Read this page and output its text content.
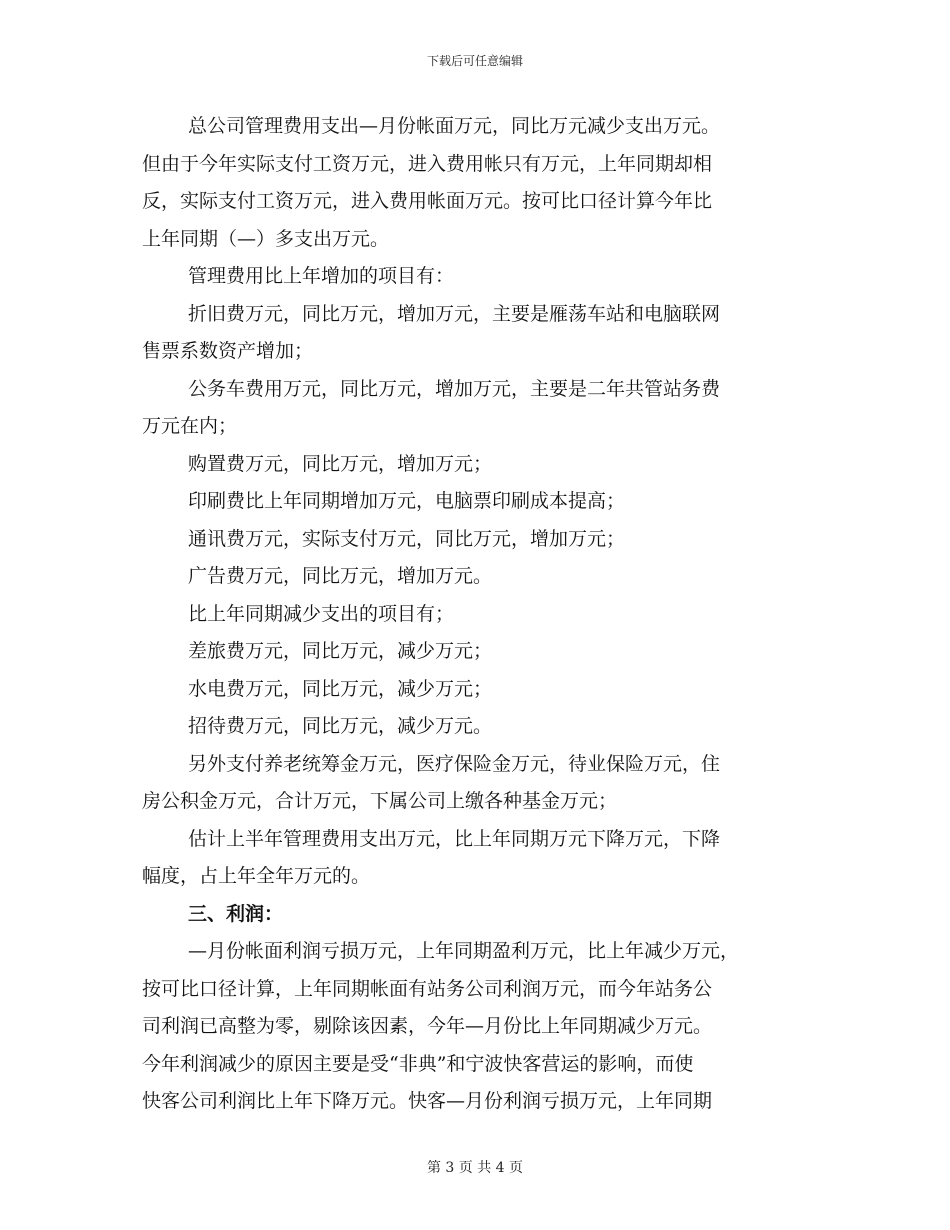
下载后可任意编辑
总公司管理费用支出—月份帐面万元，同比万元减少支出万元。
但由于今年实际支付工资万元，进入费用帐只有万元，上年同期却相
反，实际支付工资万元，进入费用帐面万元。按可比口径计算今年比
上年同期（—）多支出万元。
管理费用比上年增加的项目有：
折旧费万元，同比万元，增加万元，主要是雁荡车站和电脑联网
售票系数资产增加；
公务车费用万元，同比万元，增加万元，主要是二年共管站务费
万元在内；
购置费万元，同比万元，增加万元；
印刷费比上年同期增加万元，电脑票印刷成本提高；
通讯费万元，实际支付万元，同比万元，增加万元；
广告费万元，同比万元，增加万元。
比上年同期减少支出的项目有；
差旅费万元，同比万元，减少万元；
水电费万元，同比万元，减少万元；
招待费万元，同比万元，减少万元。
另外支付养老统筹金万元，医疗保险金万元，待业保险万元，住
房公积金万元，合计万元，下属公司上缴各种基金万元；
估计上半年管理费用支出万元，比上年同期万元下降万元，下降
幅度，占上年全年万元的。
三、利润：
—月份帐面利润亏损万元，上年同期盈利万元，比上年减少万元，
按可比口径计算，上年同期帐面有站务公司利润万元，而今年站务公
司利润已高整为零，剔除该因素，今年—月份比上年同期减少万元。
今年利润减少的原因主要是受“非典”和宁波快客营运的影响，而使
快客公司利润比上年下降万元。快客—月份利润亏损万元，上年同期
第 3 页 共 4 页
